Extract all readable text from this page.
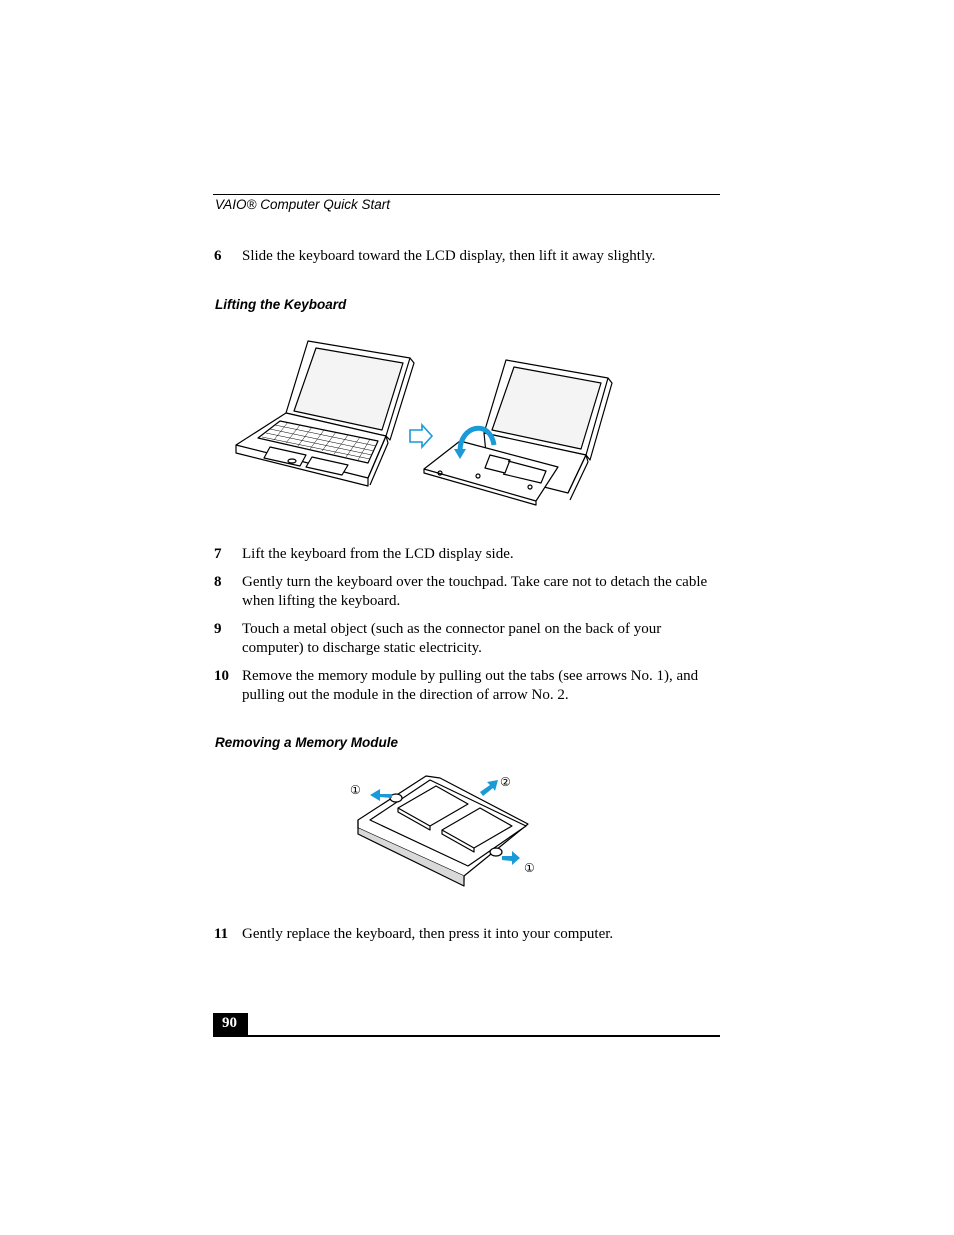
VAIO® Computer Quick Start
6 Slide the keyboard toward the LCD display, then lift it away slightly.
Lifting the Keyboard
7 Lift the keyboard from the LCD display side.
8 Gently turn the keyboard over the touchpad. Take care not to detach the cable when lifting the keyboard.
9 Touch a metal object (such as the connector panel on the back of your computer) to discharge static electricity.
10 Remove the memory module by pulling out the tabs (see arrows No. 1), and pulling out the module in the direction of arrow No. 2.
Removing a Memory Module
①
②
①
11 Gently replace the keyboard, then press it into your computer.
90
